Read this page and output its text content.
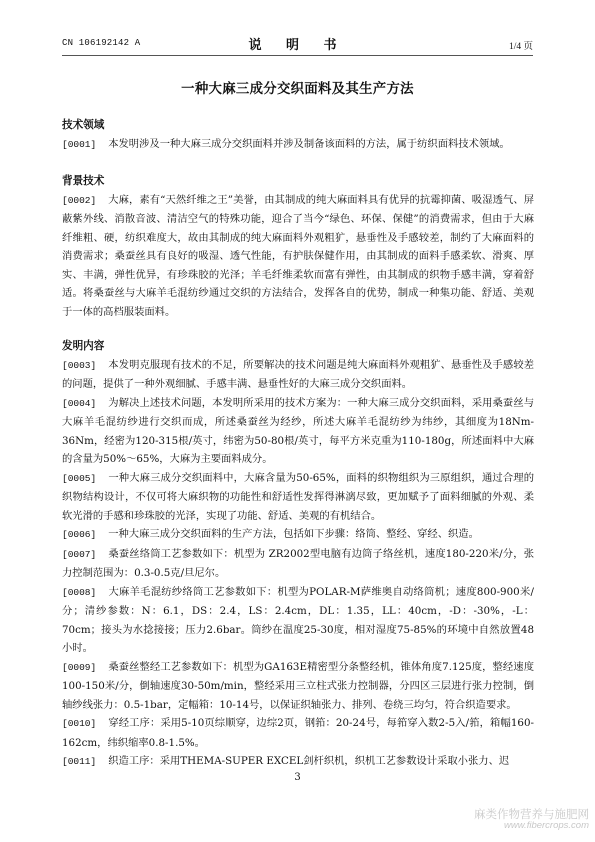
CN 106192142 A	说 明 书	1/4 页
一种大麻三成分交织面料及其生产方法

技术领域

[0001] 本发明涉及一种大麻三成分交织面料并涉及制备该面料的方法，属于纺织面料技术领域。

背景技术

[0002] 大麻，素有“天然纤维之王”美誉，由其制成的纯大麻面料具有优异的抗霉抑菌、吸湿透气、屏蔽紫外线、消散音波、清洁空气的特殊功能，迎合了当今“绿色、环保、保健”的消费需求，但由于大麻纤维粗、硬，纺织难度大，故由其制成的纯大麻面料外观粗犷，悬垂性及手感较差，制约了大麻面料的消费需求；桑蚕丝具有良好的吸湿、透气性能，有护肤保健作用，由其制成的面料手感柔软、滑爽、厚实、丰满，弹性优异，有珍珠胶的光泽；羊毛纤维柔软而富有弹性，由其制成的织物手感丰满，穿着舒适。将桑蚕丝与大麻羊毛混纺纱通过交织的方法结合，发挥各自的优势，制成一种集功能、舒适、美观于一体的高档服装面料。

发明内容

[0003] 本发明克服现有技术的不足，所要解决的技术问题是纯大麻面料外观粗犷、悬垂性及手感较差的问题，提供了一种外观细腻、手感丰满、悬垂性好的大麻三成分交织面料。

[0004] 为解决上述技术问题，本发明所采用的技术方案为：一种大麻三成分交织面料，采用桑蚕丝与大麻羊毛混纺纱进行交织而成，所述桑蚕丝为经纱，所述大麻羊毛混纺纱为纬纱，其细度为18Nm-36Nm，经密为120-315根/英寸，纬密为50-80根/英寸，每平方米克重为110-180g，所述面料中大麻的含量为50%～65%，大麻为主要面料成分。

[0005] 一种大麻三成分交织面料中，大麻含量为50-65%，面料的织物组织为三原组织，通过合理的织物结构设计，不仅可将大麻织物的功能性和舒适性发挥得淋漓尽致，更加赋予了面料细腻的外观、柔软光滑的手感和珍珠胶的光泽，实现了功能、舒适、美观的有机结合。

[0006] 一种大麻三成分交织面料的生产方法，包括如下步骤：络筒、整经、穿经、织造。

[0007] 桑蚕丝络筒工艺参数如下：机型为 ZR2002型电脑有边筒子络丝机，速度180-220米/分，张力控制范围为：0.3-0.5克/旦尼尔。

[0008] 大麻羊毛混纺纱络筒工艺参数如下：机型为POLAR-M萨维奥自动络筒机；速度800-900米/分；清纱参数：N：6.1，DS：2.4，LS：2.4cm，DL：1.35，LL：40cm，-D：-30%，-L：70cm；接头为水捻接接；压力2.6bar。筒纱在温度25-30度，相对湿度75-85%的环境中自然放置48小时。

[0009] 桑蚕丝整经工艺参数如下：机型为GA163E精密型分条整经机，锥体角度7.125度，整经速度100-150米/分，倒轴速度30-50m/min，整经采用三立柱式张力控制器，分四区三层进行张力控制，倒轴纱线张力：0.5-1bar，定幅箱：10-14号，以保证织轴张力、排列、卷绕三均匀，符合织造要求。

[0010] 穿经工序：采用5-10页综顺穿，边综2页，钢筘：20-24号，每筘穿入数2-5入/筘，箱幅160-162cm，纬织缩率0.8-1.5%。

[0011] 织造工序：采用THEMA-SUPER EXCEL剑杆织机，织机工艺参数设计采取小张力、迟

3
麻类作物营养与施肥网
www.fibercrops.com
